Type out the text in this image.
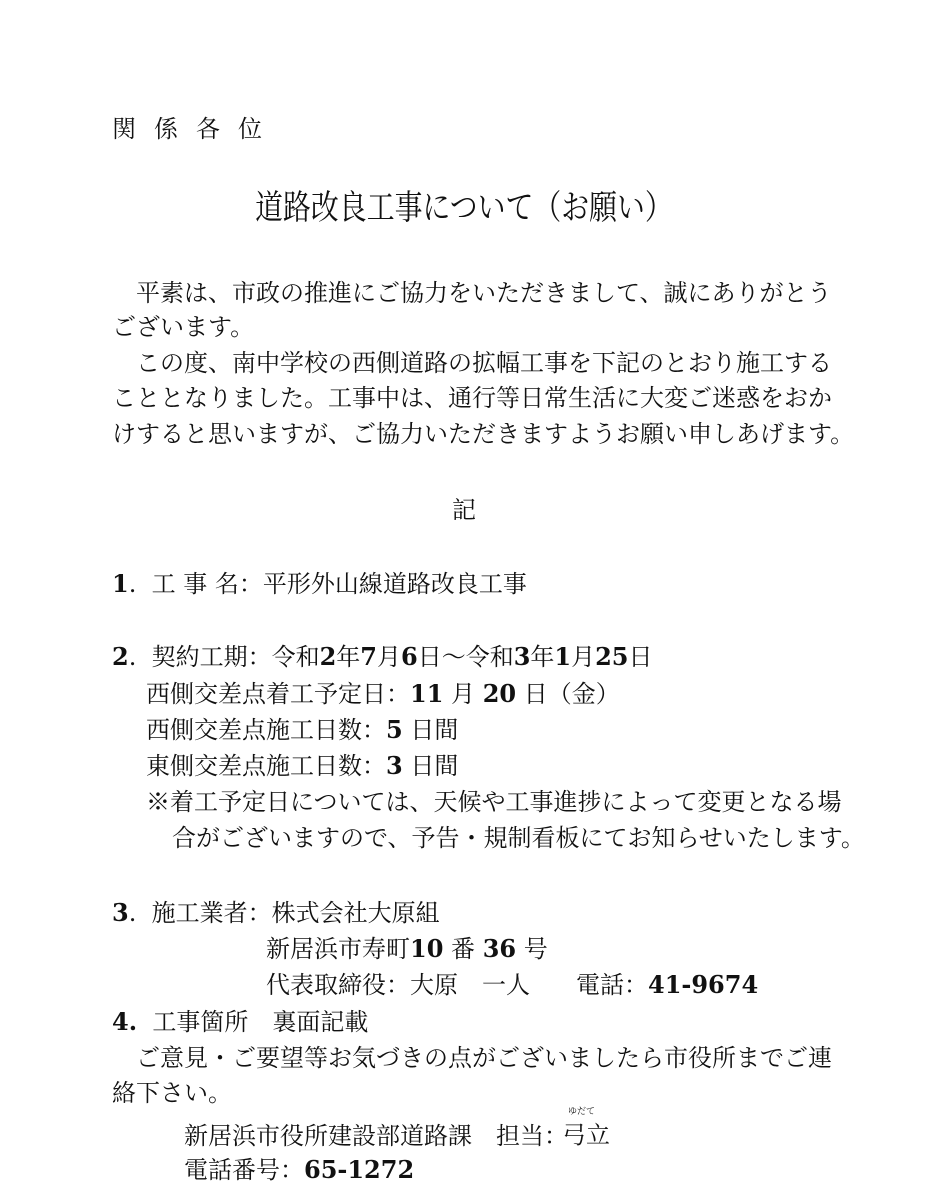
関係各位
道路改良工事について（お願い）
　平素は、市政の推進にご協力をいただきまして、誠にありがとう
ございます。
　この度、南中学校の西側道路の拡幅工事を下記のとおり施工する
こととなりました。工事中は、通行等日常生活に大変ご迷惑をおか
けすると思いますが、ご協力いただきますようお願い申しあげます。
記
1.  工 事 名：平形外山線道路改良工事
2.  契約工期：令和2年7月6日～令和3年1月25日
西側交差点着工予定日：11 月 20 日（金）
西側交差点施工日数：5 日間
東側交差点施工日数：3 日間
※着工予定日については、天候や工事進捗によって変更となる場
合がございますので、予告・規制看板にてお知らせいたします。
3.  施工業者：株式会社大原組
新居浜市寿町10 番 36 号
代表取締役：大原　一人 電話：41-9674
4. 工事箇所　 裏面記載
　ご意見・ご要望等お気づきの点がございましたら市役所までご連
絡下さい。
新居浜市役所建設部道路課　 担当：
ゆだて
弓立
電話番号：65-1272
